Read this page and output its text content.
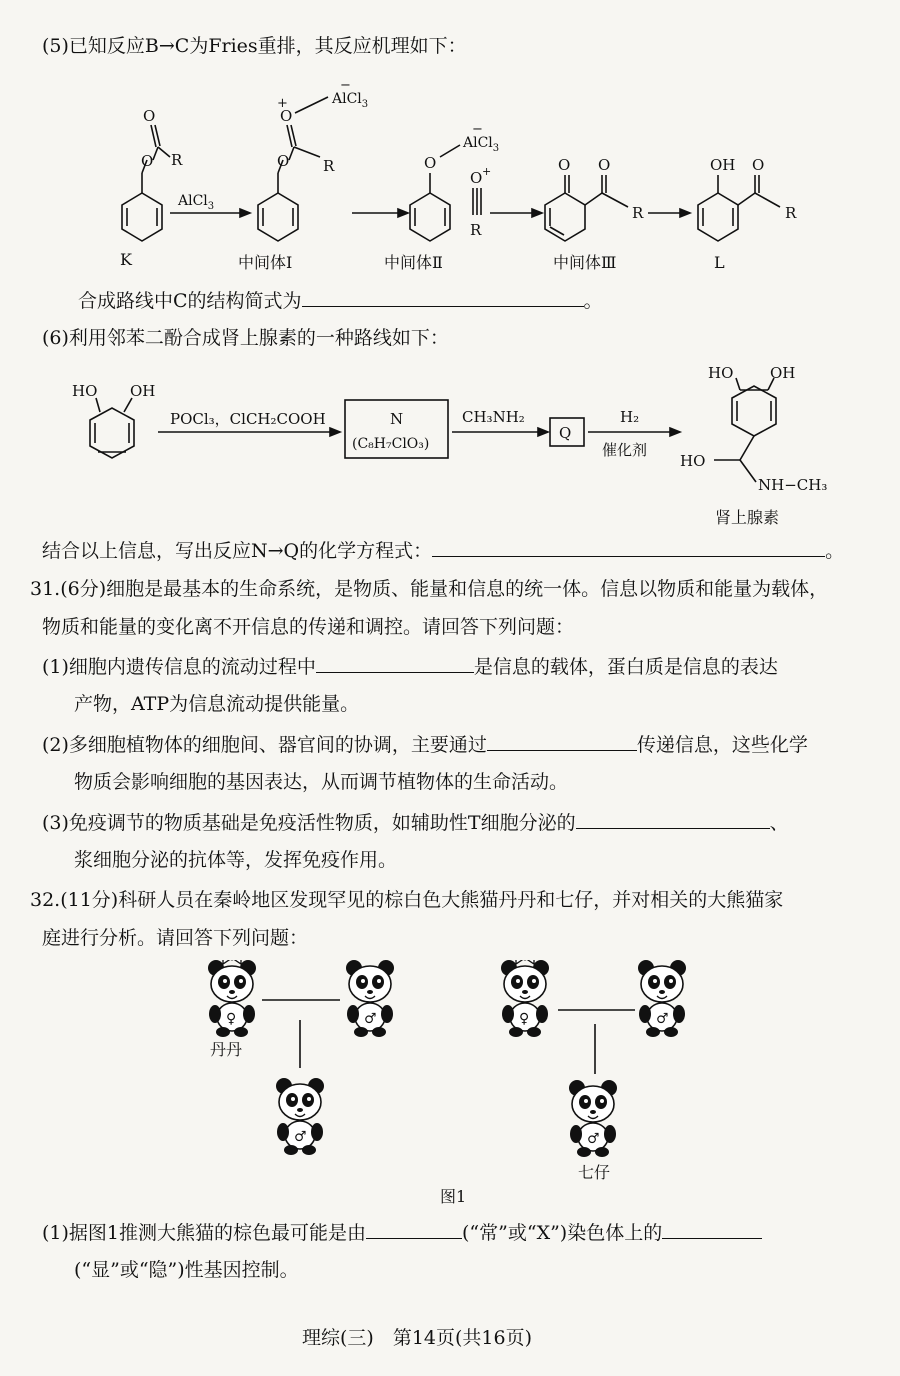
(5)已知反应B→C为Fries重排，其反应机理如下：
O
O R
AlCl$_3$
O
+
O R
AlCl$_3$
−
O
AlCl$_3$
−
O +
R
O O
R
OH O
R
K	中间体Ⅰ	中间体Ⅱ	中间体Ⅲ	L
合成路线中C的结构简式为	。
(6)利用邻苯二酚合成肾上腺素的一种路线如下：
HO OH
POCl₃，ClCH₂COOH	N
(C₈H₇ClO₃)
CH₃NH₂
Q
H₂
催化剂
HO OH
HO
NH−CH₃
肾上腺素
结合以上信息，写出反应N→Q的化学方程式：	。
31.(6分)细胞是最基本的生命系统，是物质、能量和信息的统一体。信息以物质和能量为载体，
物质和能量的变化离不开信息的传递和调控。请回答下列问题：
(1)细胞内遗传信息的流动过程中	是信息的载体，蛋白质是信息的表达
产物，ATP为信息流动提供能量。
(2)多细胞植物体的细胞间、器官间的协调，主要通过	传递信息，这些化学
物质会影响细胞的基因表达，从而调节植物体的生命活动。
(3)免疫调节的物质基础是免疫活性物质，如辅助性T细胞分泌的	、
浆细胞分泌的抗体等，发挥免疫作用。
32.(11分)科研人员在秦岭地区发现罕见的棕白色大熊猫丹丹和七仔，并对相关的大熊猫家
庭进行分析。请回答下列问题：
♀	♂
♂
♀	♂
♂
丹丹
七仔
图1
(1)据图1推测大熊猫的棕色最可能是由	(“常”或“X”)染色体上的
(“显”或“隐”)性基因控制。
理综(三)　第14页(共16页)
